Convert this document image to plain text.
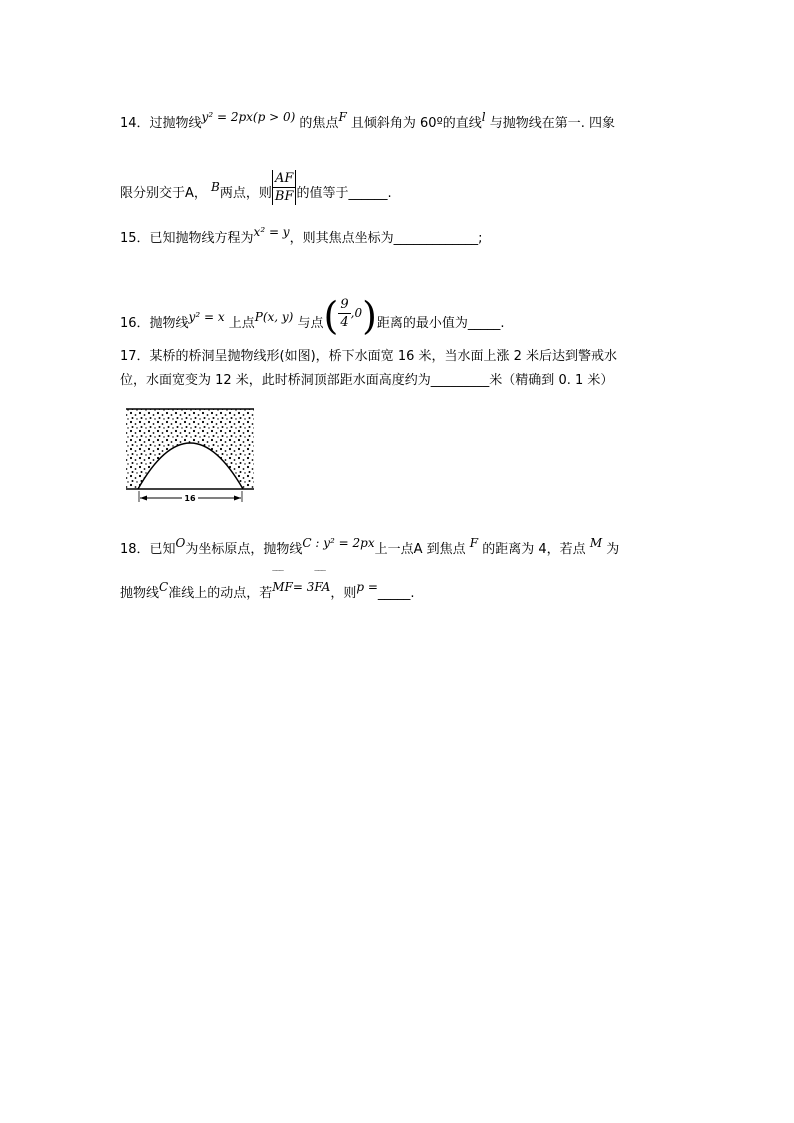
14．过抛物线y² = 2px(p > 0) 的焦点F 且倾斜角为 60º的直线l 与抛物线在第一. 四象
限分别交于A， B两点，则 $\frac{AF}{BF}$ 的值等于______.
15．已知抛物线方程为x² = y，则其焦点坐标为_____________;
16．抛物线y² = x 上点P(x, y) 与点( $\frac{9}{4} ,0$)距离的最小值为_____.
17．某桥的桥洞呈抛物线形(如图)，桥下水面宽 16 米，当水面上涨 2 米后达到警戒水
位，水面宽变为 12 米，此时桥洞顶部距水面高度约为_________米（精确到 0. 1 米）
16
18．已知O为坐标原点，抛物线C : y² = 2px上一点A 到焦点 F 的距离为 4，若点 M 为
抛物线C准线上的动点，若‾‾‾ MF= 3‾‾‾ FA，则p =_____.
